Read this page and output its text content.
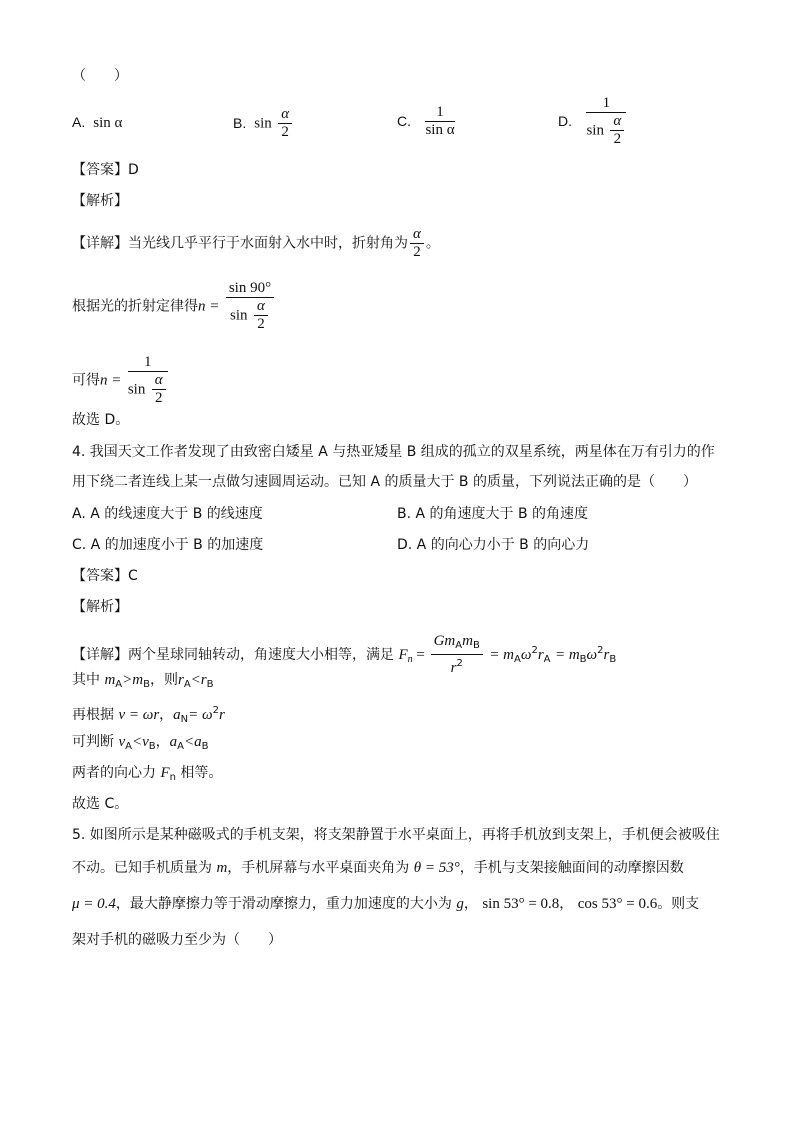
（　　）
A. sin α	B. $\sin \frac{\alpha}{2}$	C. $\frac{1}{\text{sin α}}$	D. $\frac{1}{\sin \frac{\alpha}{2}}$
【答案】D
【解析】
【详解】当光线几乎平行于水面射入水中时，折射角为 $\frac{\alpha}{2}$ 。
根据光的折射定律得$n = \frac{\sin 90^\circ}{\sin \frac{\alpha}{2}}$
可得$n = \frac{1}{\sin \frac{\alpha}{2}}$
故选 D。
4. 我国天文工作者发现了由致密白矮星 A 与热亚矮星 B 组成的孤立的双星系统，两星体在万有引力的作
用下绕二者连线上某一点做匀速圆周运动。已知 A 的质量大于 B 的质量，下列说法正确的是（　　）
A. A 的线速度大于 B 的线速度	B. A 的角速度大于 B 的角速度
C. A 的加速度小于 B 的加速度	D. A 的向心力小于 B 的向心力
【答案】C
【解析】
【详解】两个星球同轴转动，角速度大小相等，满足 $F_n = \frac{Gm_Am_B}{r^2} = m_A\omega^2r_A = m_B\omega^2r_B$
其中 $m_A>m_B$，则$r_A<r_B$
再根据 v = ωr，$a_N= \omega^2r$
可判断 $v_A<v_B$，$a_A<a_B$
两者的向心力 $F_n$ 相等。
故选 C。
5. 如图所示是某种磁吸式的手机支架，将支架静置于水平桌面上，再将手机放到支架上，手机便会被吸住
不动。已知手机质量为 m，手机屏幕与水平桌面夹角为 θ = 53°，手机与支架接触面间的动摩擦因数
μ = 0.4，最大静摩擦力等于滑动摩擦力，重力加速度的大小为 g， sin 53° = 0.8， cos 53° = 0.6。则支
架对手机的磁吸力至少为（　　）
